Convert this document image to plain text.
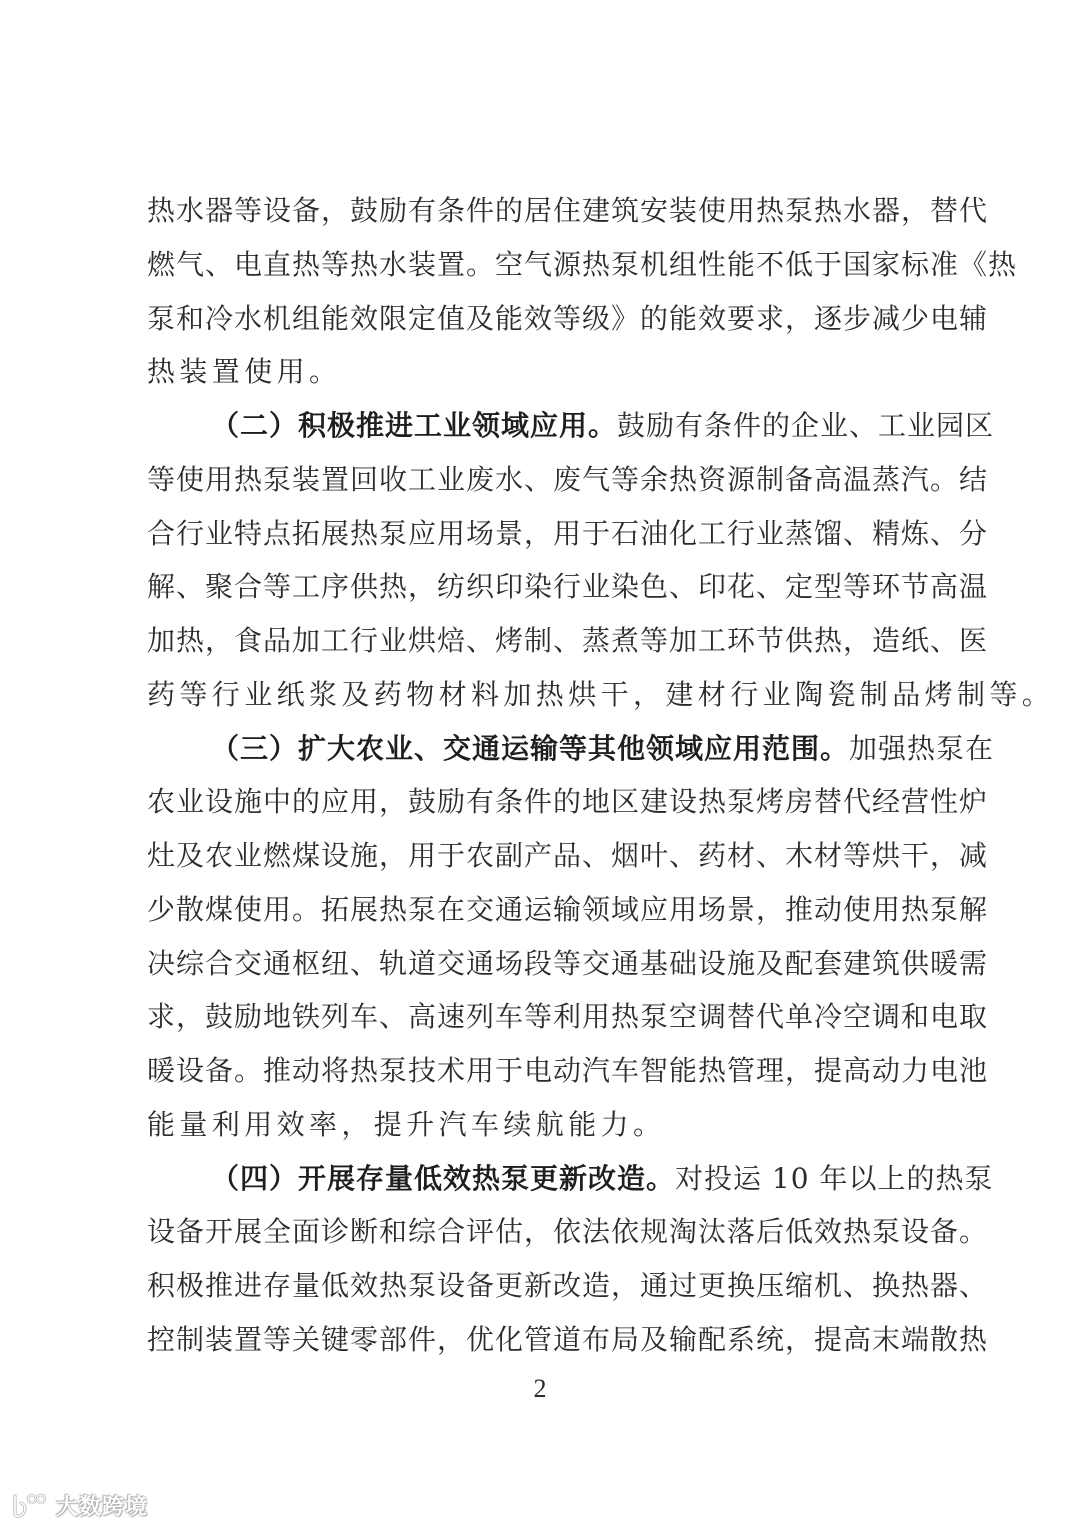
热水器等设备，鼓励有条件的居住建筑安装使用热泵热水器，替代
燃气、电直热等热水装置。空气源热泵机组性能不低于国家标准《热
泵和冷水机组能效限定值及能效等级》的能效要求，逐步减少电辅
热装置使用。
（二）积极推进工业领域应用。鼓励有条件的企业、工业园区
等使用热泵装置回收工业废水、废气等余热资源制备高温蒸汽。结
合行业特点拓展热泵应用场景，用于石油化工行业蒸馏、精炼、分
解、聚合等工序供热，纺织印染行业染色、印花、定型等环节高温
加热，食品加工行业烘焙、烤制、蒸煮等加工环节供热，造纸、医
药等行业纸浆及药物材料加热烘干，建材行业陶瓷制品烤制等。
（三）扩大农业、交通运输等其他领域应用范围。加强热泵在
农业设施中的应用，鼓励有条件的地区建设热泵烤房替代经营性炉
灶及农业燃煤设施，用于农副产品、烟叶、药材、木材等烘干，减
少散煤使用。拓展热泵在交通运输领域应用场景，推动使用热泵解
决综合交通枢纽、轨道交通场段等交通基础设施及配套建筑供暖需
求，鼓励地铁列车、高速列车等利用热泵空调替代单冷空调和电取
暖设备。推动将热泵技术用于电动汽车智能热管理，提高动力电池
能量利用效率，提升汽车续航能力。
（四）开展存量低效热泵更新改造。对投运 10 年以上的热泵
设备开展全面诊断和综合评估，依法依规淘汰落后低效热泵设备。
积极推进存量低效热泵设备更新改造，通过更换压缩机、换热器、
控制装置等关键零部件，优化管道布局及输配系统，提高末端散热
2
大数跨境
